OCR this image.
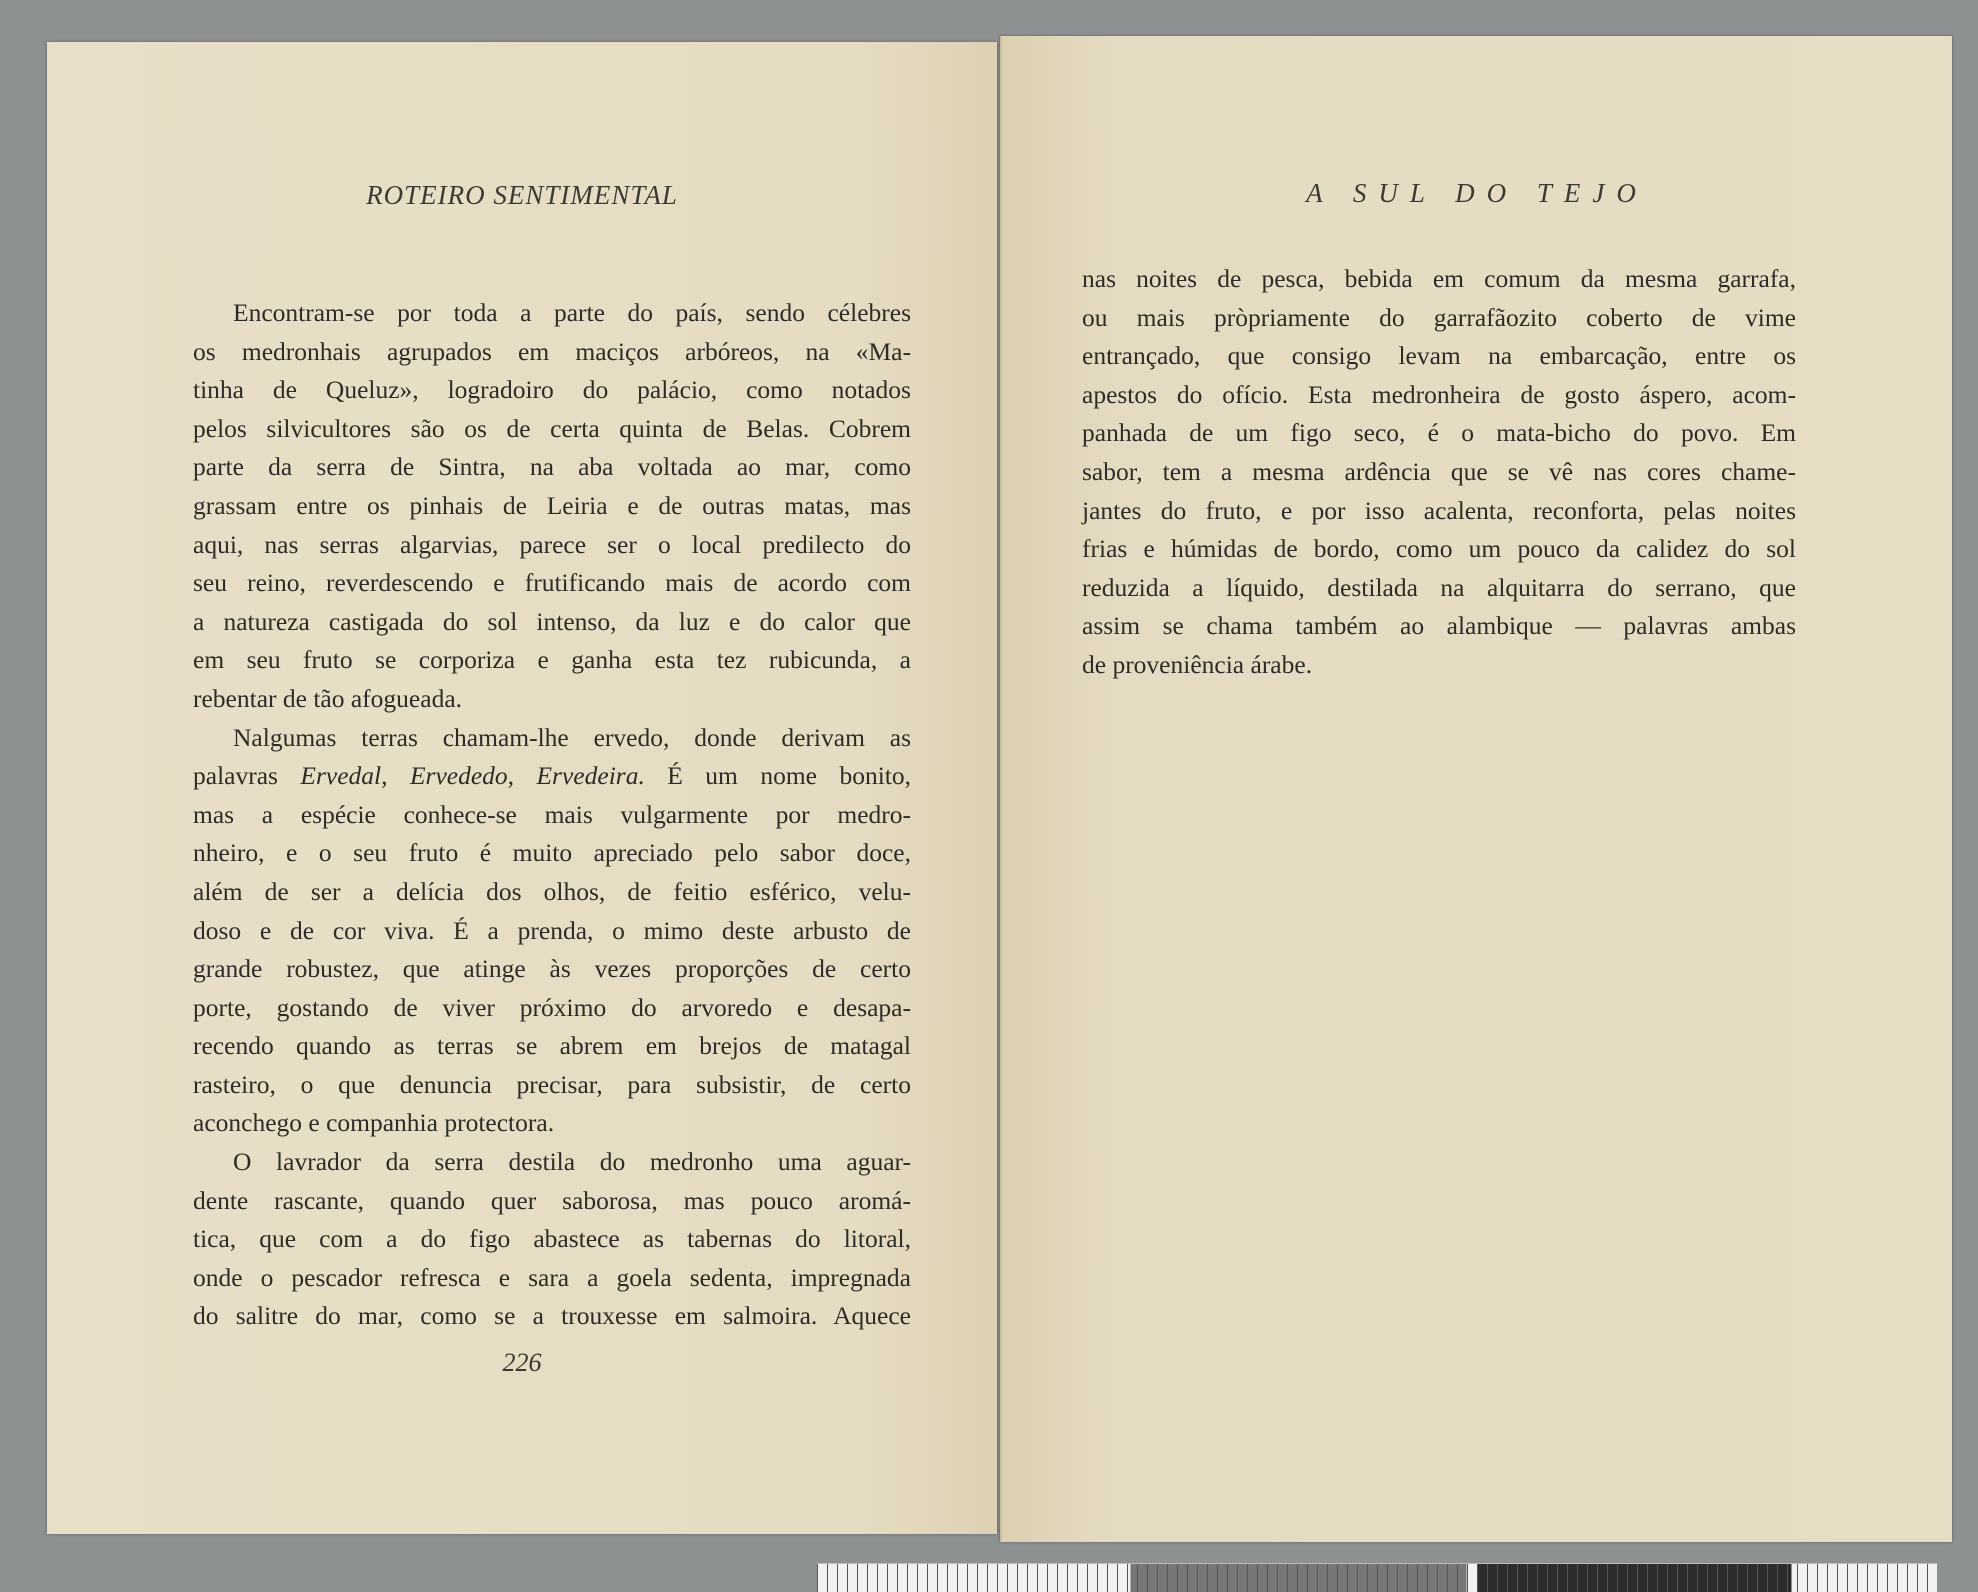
ROTEIRO SENTIMENTAL
Encontram-se por toda a parte do país, sendo célebres
os medronhais agrupados em maciços arbóreos, na «Ma-
tinha de Queluz», logradoiro do palácio, como notados
pelos silvicultores são os de certa quinta de Belas. Cobrem
parte da serra de Sintra, na aba voltada ao mar, como
grassam entre os pinhais de Leiria e de outras matas, mas
aqui, nas serras algarvias, parece ser o local predilecto do
seu reino, reverdescendo e frutificando mais de acordo com
a natureza castigada do sol intenso, da luz e do calor que
em seu fruto se corporiza e ganha esta tez rubicunda, a
rebentar de tão afogueada.
Nalgumas terras chamam-lhe ervedo, donde derivam as
palavras Ervedal, Ervededo, Ervedeira. É um nome bonito,
mas a espécie conhece-se mais vulgarmente por medro-
nheiro, e o seu fruto é muito apreciado pelo sabor doce,
além de ser a delícia dos olhos, de feitio esférico, velu-
doso e de cor viva. É a prenda, o mimo deste arbusto de
grande robustez, que atinge às vezes proporções de certo
porte, gostando de viver próximo do arvoredo e desapa-
recendo quando as terras se abrem em brejos de matagal
rasteiro, o que denuncia precisar, para subsistir, de certo
aconchego e companhia protectora.
O lavrador da serra destila do medronho uma aguar-
dente rascante, quando quer saborosa, mas pouco aromá-
tica, que com a do figo abastece as tabernas do litoral,
onde o pescador refresca e sara a goela sedenta, impregnada
do salitre do mar, como se a trouxesse em salmoira. Aquece
226
A SUL DO TEJO
nas noites de pesca, bebida em comum da mesma garrafa,
ou mais pròpriamente do garrafãozito coberto de vime
entrançado, que consigo levam na embarcação, entre os
apestos do ofício. Esta medronheira de gosto áspero, acom-
panhada de um figo seco, é o mata-bicho do povo. Em
sabor, tem a mesma ardência que se vê nas cores chame-
jantes do fruto, e por isso acalenta, reconforta, pelas noites
frias e húmidas de bordo, como um pouco da calidez do sol
reduzida a líquido, destilada na alquitarra do serrano, que
assim se chama também ao alambique — palavras ambas
de proveniência árabe.
